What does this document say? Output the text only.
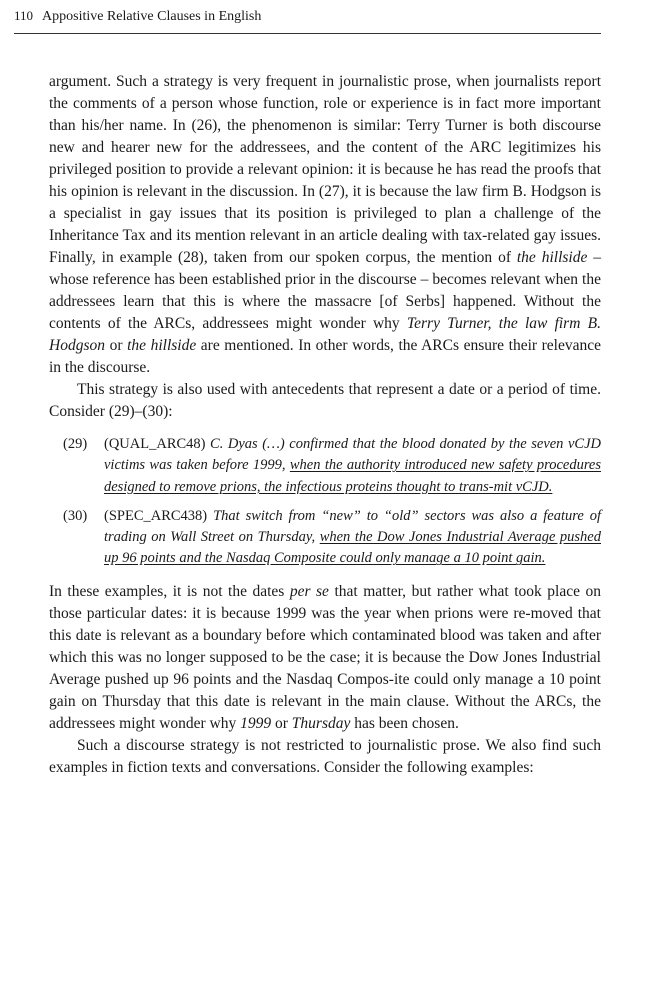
110 Appositive Relative Clauses in English

argument. Such a strategy is very frequent in journalistic prose, when journalists report the comments of a person whose function, role or experience is in fact more important than his/her name. In (26), the phenomenon is similar: Terry Turner is both discourse new and hearer new for the addressees, and the content of the ARC legitimizes his privileged position to provide a relevant opinion: it is because he has read the proofs that his opinion is relevant in the discussion. In (27), it is because the law firm B. Hodgson is a specialist in gay issues that its position is privileged to plan a challenge of the Inheritance Tax and its mention relevant in an article dealing with tax-related gay issues. Finally, in example (28), taken from our spoken corpus, the mention of the hillside – whose reference has been established prior in the discourse – becomes relevant when the addressees learn that this is where the massacre [of Serbs] happened. Without the contents of the ARCs, addressees might wonder why Terry Turner, the law firm B. Hodgson or the hillside are mentioned. In other words, the ARCs ensure their relevance in the discourse.

This strategy is also used with antecedents that represent a date or a period of time. Consider (29)–(30):

(29)	(QUAL_ARC48) C. Dyas (…) confirmed that the blood donated by the seven vCJD victims was taken before 1999, when the authority introduced new safety procedures designed to remove prions, the infectious proteins thought to trans-mit vCJD.
(30)	(SPEC_ARC438) That switch from “new” to “old” sectors was also a feature of trading on Wall Street on Thursday, when the Dow Jones Industrial Average pushed up 96 points and the Nasdaq Composite could only manage a 10 point gain.

In these examples, it is not the dates per se that matter, but rather what took place on those particular dates: it is because 1999 was the year when prions were re-moved that this date is relevant as a boundary before which contaminated blood was taken and after which this was no longer supposed to be the case; it is because the Dow Jones Industrial Average pushed up 96 points and the Nasdaq Compos-ite could only manage a 10 point gain on Thursday that this date is relevant in the main clause. Without the ARCs, the addressees might wonder why 1999 or Thursday has been chosen.

Such a discourse strategy is not restricted to journalistic prose. We also find such examples in fiction texts and conversations. Consider the following examples:
